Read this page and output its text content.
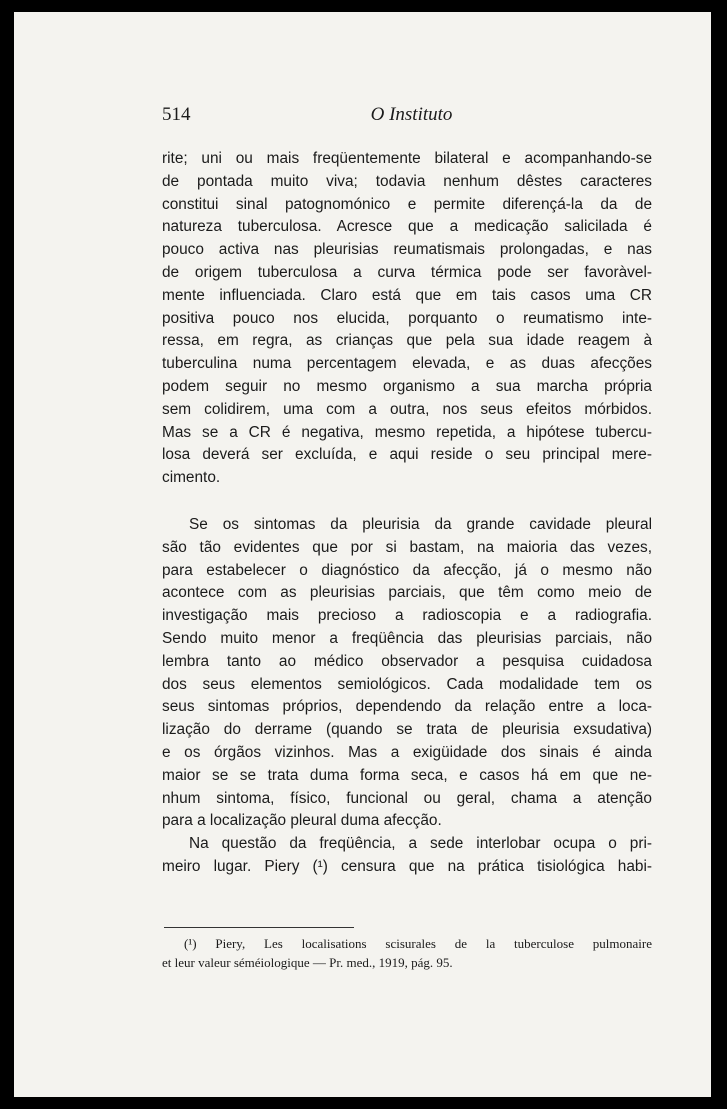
514	O Instituto
rite; uni ou mais freqüentemente bilateral e acompanhando-se
de pontada muito viva; todavia nenhum dêstes caracteres
constitui sinal patognomónico e permite diferençá-la da de
natureza tuberculosa. Acresce que a medicação salicilada é
pouco activa nas pleurisias reumatismais prolongadas, e nas
de origem tuberculosa a curva térmica pode ser favoràvel-
mente influenciada. Claro está que em tais casos uma CR
positiva pouco nos elucida, porquanto o reumatismo inte-
ressa, em regra, as crianças que pela sua idade reagem à
tuberculina numa percentagem elevada, e as duas afecções
podem seguir no mesmo organismo a sua marcha própria
sem colidirem, uma com a outra, nos seus efeitos mórbidos.
Mas se a CR é negativa, mesmo repetida, a hipótese tubercu-
losa deverá ser excluída, e aqui reside o seu principal mere-
cimento.
Se os sintomas da pleurisia da grande cavidade pleural
são tão evidentes que por si bastam, na maioria das vezes,
para estabelecer o diagnóstico da afecção, já o mesmo não
acontece com as pleurisias parciais, que têm como meio de
investigação mais precioso a radioscopia e a radiografia.
Sendo muito menor a freqüência das pleurisias parciais, não
lembra tanto ao médico observador a pesquisa cuidadosa
dos seus elementos semiológicos. Cada modalidade tem os
seus sintomas próprios, dependendo da relação entre a loca-
lização do derrame (quando se trata de pleurisia exsudativa)
e os órgãos vizinhos. Mas a exigüidade dos sinais é ainda
maior se se trata duma forma seca, e casos há em que ne-
nhum sintoma, físico, funcional ou geral, chama a atenção
para a localização pleural duma afecção.
Na questão da freqüência, a sede interlobar ocupa o pri-
meiro lugar. Piery (¹) censura que na prática tisiológica habi-
(¹) Piery, Les localisations scisurales de la tuberculose pulmonaire
et leur valeur séméiologique — Pr. med., 1919, pág. 95.
